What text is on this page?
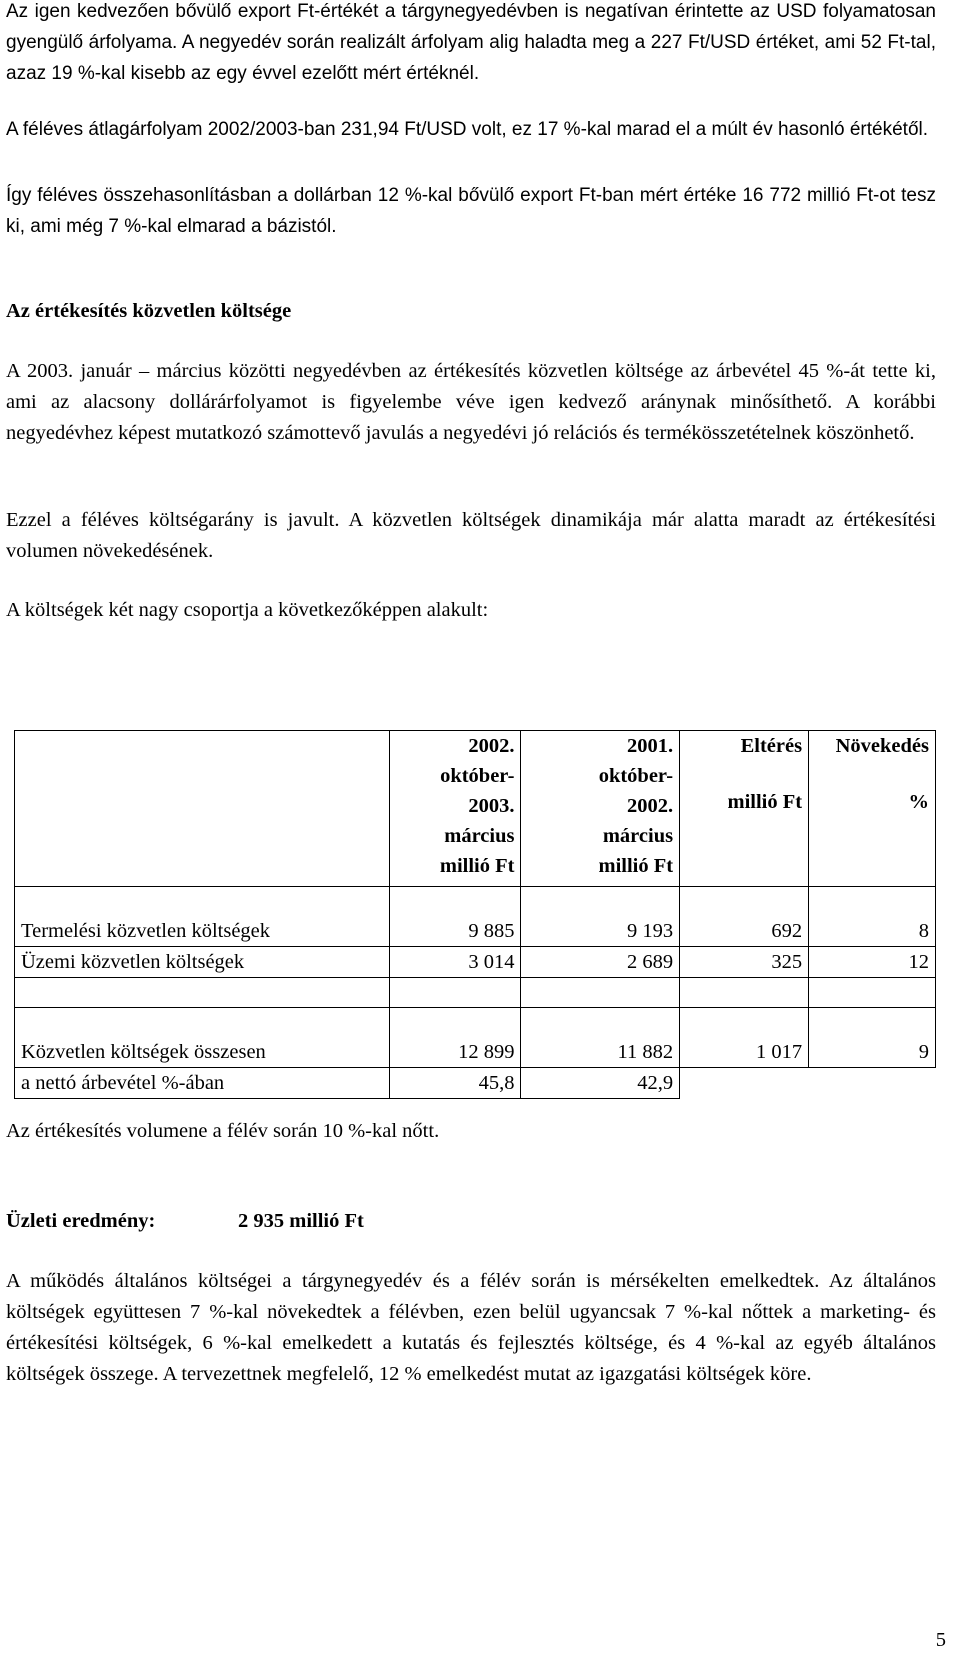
Az igen kedvezően bővülő export Ft-értékét a tárgynegyedévben is negatívan érintette az USD folyamatosan gyengülő árfolyama. A negyedév során realizált árfolyam alig haladta meg a 227 Ft/USD értéket, ami 52 Ft-tal, azaz 19 %-kal kisebb az egy évvel ezelőtt mért értéknél.

A féléves átlagárfolyam 2002/2003-ban 231,94 Ft/USD volt, ez 17 %-kal marad el a múlt év hasonló értékétől.

Így féléves összehasonlításban a dollárban 12 %-kal bővülő export Ft-ban mért értéke 16 772 millió Ft-ot tesz ki, ami még 7 %-kal elmarad a bázistól.

Az értékesítés közvetlen költsége

A 2003. január – március közötti negyedévben az értékesítés közvetlen költsége az árbevétel 45 %-át tette ki, ami az alacsony dollárárfolyamot is figyelembe véve igen kedvező aránynak minősíthető. A korábbi negyedévhez képest mutatkozó számottevő javulás a negyedévi jó relációs és termékösszetételnek köszönhető.

Ezzel a féléves költségarány is javult. A közvetlen költségek dinamikája már alatta maradt az értékesítési volumen növekedésének.

A költségek két nagy csoportja a következőképpen alakult:

Az értékesítés volumene a félév során 10 %-kal nőtt.

Üzleti eredmény:	2 935 millió Ft

A működés általános költségei a tárgynegyedév és a félév során is mérsékelten emelkedtek. Az általános költségek együttesen 7 %-kal növekedtek a félévben, ezen belül ugyancsak 7 %-kal nőttek a marketing- és értékesítési költségek, 6 %-kal emelkedett a kutatás és fejlesztés költsége, és 4 %-kal az egyéb általános költségek összege. A tervezettnek megfelelő, 12 % emelkedést mutat az igazgatási költségek köre.

	2002.
október-
2003.
március
millió Ft	2001.
október-
2002.
március
millió Ft	Eltérés
millió Ft	Növekedés
%

Termelési közvetlen költségek	9 885	9 193	692	8
Üzemi közvetlen költségek	3 014	2 689	325	12

Közvetlen költségek összesen	12 899	11 882	1 017	9
a nettó árbevétel %-ában	45,8	42,9		
5
